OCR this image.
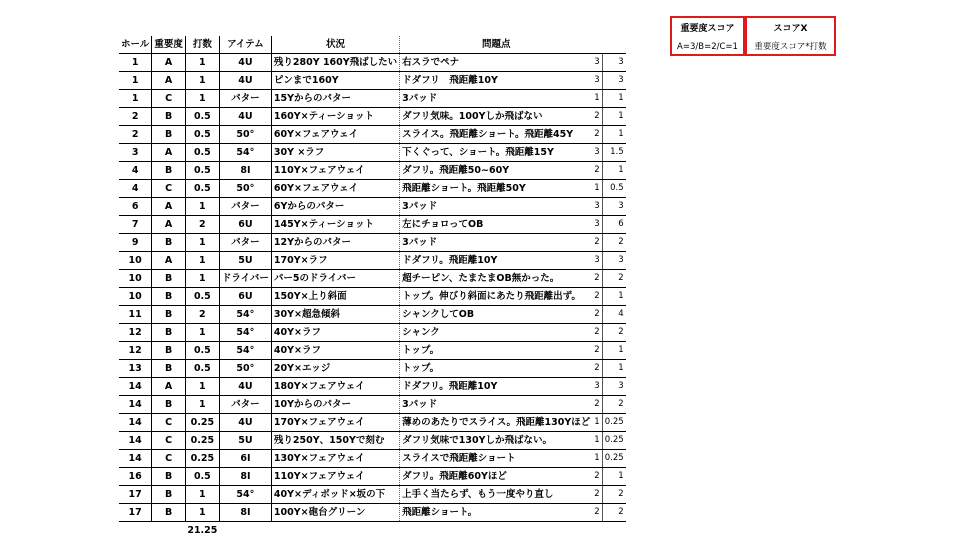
重要度スコア
A=3/B=2/C=1
スコアX
重要度スコア*打数
ホール	重要度	打数	アイテム	状況	問題点		
1	A	1	4U	残り280Y 160Y飛ばしたい	右スラでペナ	3	3
1	A	1	4U	ピンまで160Y	ドダフリ　飛距離10Y	3	3
1	C	1	パター	15Yからのパター	3パッド	1	1
2	B	0.5	4U	160Y×ティーショット	ダフリ気味。100Yしか飛ばない	2	1
2	B	0.5	50°	60Y×フェアウェイ	スライス。飛距離ショート。飛距離45Y	2	1
3	A	0.5	54°	30Y ×ラフ	下くぐって、ショート。飛距離15Y	3	1.5
4	B	0.5	8I	110Y×フェアウェイ	ダフリ。飛距離50~60Y	2	1
4	C	0.5	50°	60Y×フェアウェイ	飛距離ショート。飛距離50Y	1	0.5
6	A	1	パター	6Yからのパター	3パッド	3	3
7	A	2	6U	145Y×ティーショット	左にチョロってOB	3	6
9	B	1	パター	12Yからのパター	3パッド	2	2
10	A	1	5U	170Y×ラフ	ドダフリ。飛距離10Y	3	3
10	B	1	ドライバー	パー5のドライバー	超チーピン、たまたまOB無かった。	2	2
10	B	0.5	6U	150Y×上り斜面	トップ。伸びり斜面にあたり飛距離出ず。	2	1
11	B	2	54°	30Y×超急傾斜	シャンクしてOB	2	4
12	B	1	54°	40Y×ラフ	シャンク	2	2
12	B	0.5	54°	40Y×ラフ	トップ。	2	1
13	B	0.5	50°	20Y×エッジ	トップ。	2	1
14	A	1	4U	180Y×フェアウェイ	ドダフリ。飛距離10Y	3	3
14	B	1	パター	10Yからのパター	3パッド	2	2
14	C	0.25	4U	170Y×フェアウェイ	薄めのあたりでスライス。飛距離130Yほど	1	0.25
14	C	0.25	5U	残り250Y、150Yで刻む	ダフリ気味で130Yしか飛ばない。	1	0.25
14	C	0.25	6I	130Y×フェアウェイ	スライスで飛距離ショート	1	0.25
16	B	0.5	8I	110Y×フェアウェイ	ダフリ。飛距離60Yほど	2	1
17	B	1	54°	40Y×ディボッド×坂の下	上手く当たらず、もう一度やり直し	2	2
17	B	1	8I	100Y×砲台グリーン	飛距離ショート。	2	2
		21.25					
